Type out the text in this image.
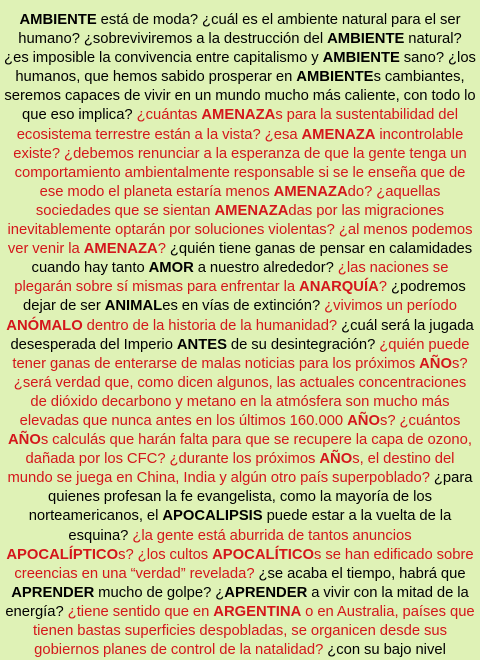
AMBIENTE está de moda? ¿cuál es el ambiente natural para el ser humano? ¿sobreviviremos a la destrucción del AMBIENTE natural? ¿es imposible la convivencia entre capitalismo y AMBIENTE sano? ¿los humanos, que hemos sabido prosperar en AMBIENTEs cambiantes, seremos capaces de vivir en un mundo mucho más caliente, con todo lo que eso implica? ¿cuántas AMENAZAs para la sustentabilidad del ecosistema terrestre están a la vista? ¿esa AMENAZA incontrolable existe? ¿debemos renunciar a la esperanza de que la gente tenga un comportamiento ambientalmente responsable si se le enseña que de ese modo el planeta estaría menos AMENAZAdo? ¿aquellas sociedades que se sientan AMENAZAdas por las migraciones inevitablemente optarán por soluciones violentas? ¿al menos podemos ver venir la AMENAZA? ¿quién tiene ganas de pensar en calamidades cuando hay tanto AMOR a nuestro alrededor? ¿las naciones se plegarán sobre sí mismas para enfrentar la ANARQUÍA? ¿podremos dejar de ser ANIMALes en vías de extinción? ¿vivimos un período ANÓMALO dentro de la historia de la humanidad? ¿cuál será la jugada desesperada del Imperio ANTES de su desintegración? ¿quién puede tener ganas de enterarse de malas noticias para los próximos AÑOs? ¿será verdad que, como dicen algunos, las actuales concentraciones de dióxido decarbono y metano en la atmósfera son mucho más elevadas que nunca antes en los últimos 160.000 AÑOs? ¿cuántos AÑOs calculás que harán falta para que se recupere la capa de ozono, dañada por los CFC? ¿durante los próximos AÑOs, el destino del mundo se juega en China, India y algún otro país superpoblado? ¿para quienes profesan la fe evangelista, como la mayoría de los norteamericanos, el APOCALIPSIS puede estar a la vuelta de la esquina? ¿la gente está aburrida de tantos anuncios APOCALÍPTICOs? ¿los cultos APOCALÍTICOs se han edificado sobre creencias en una “verdad” revelada? ¿se acaba el tiempo, habrá que APRENDER mucho de golpe? ¿APRENDER a vivir con la mitad de la energía? ¿tiene sentido que en ARGENTINA o en Australia, países que tienen bastas superficies despobladas, se organicen desde sus gobiernos planes de control de la natalidad? ¿con su bajo nivel
